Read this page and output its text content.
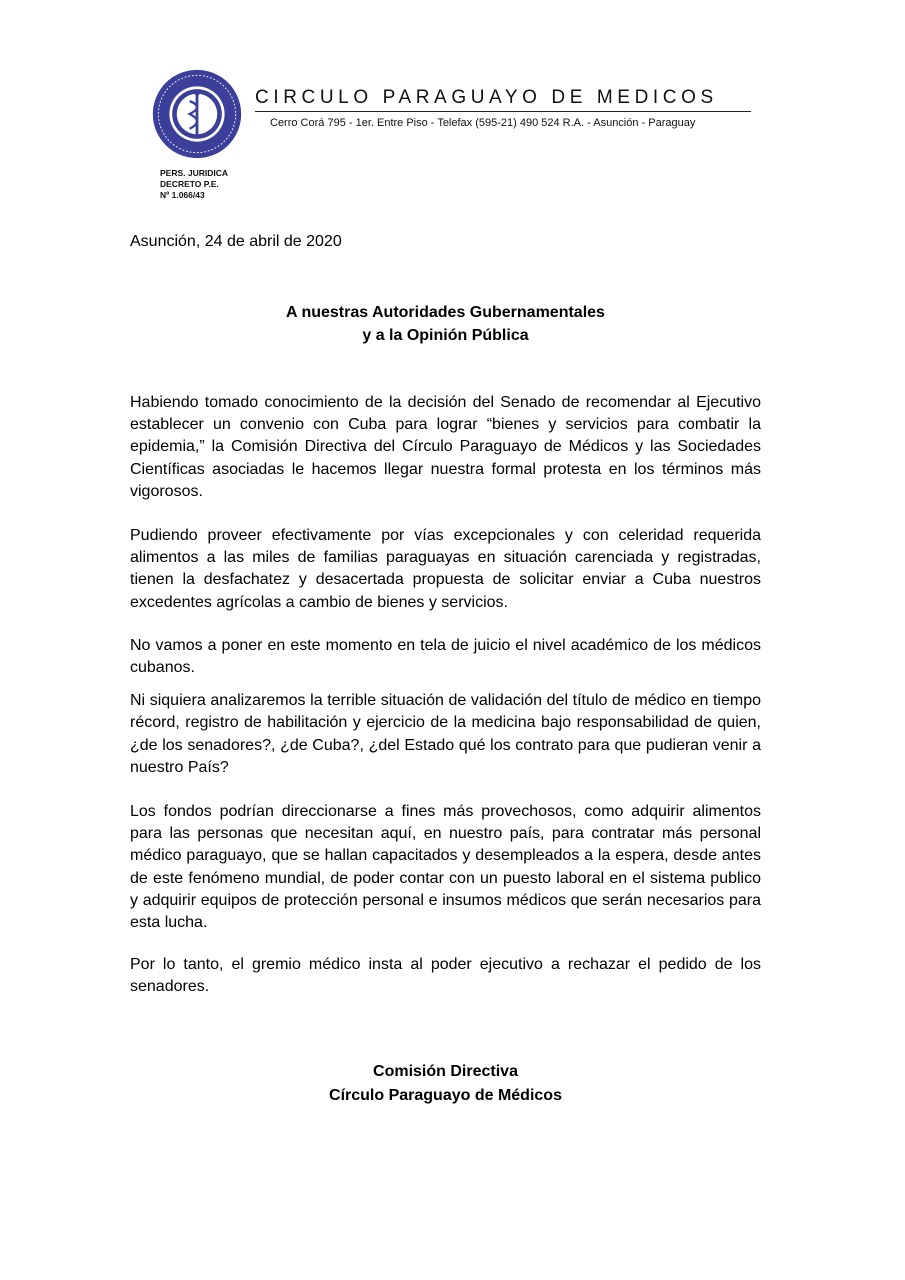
CIRCULO PARAGUAYO DE MEDICOS
Cerro Corá 795 - 1er. Entre Piso - Telefax (595-21) 490 524 R.A. - Asunción - Paraguay
PERS. JURIDICA
DECRETO P.E.
Nº 1.066/43
Asunción, 24 de abril de 2020
A nuestras Autoridades Gubernamentales
y a la Opinión Pública

Habiendo tomado conocimiento de la decisión del Senado de recomendar al Ejecutivo establecer un convenio con Cuba para lograr “bienes y servicios para combatir la epidemia,” la Comisión Directiva del Círculo Paraguayo de Médicos y las Sociedades Científicas asociadas le hacemos llegar nuestra formal protesta en los términos más vigorosos.

Pudiendo proveer efectivamente por vías excepcionales y con celeridad requerida alimentos a las miles de familias paraguayas en situación carenciada y registradas, tienen la desfachatez y desacertada propuesta de solicitar enviar a Cuba nuestros excedentes agrícolas a cambio de bienes y servicios.

No vamos a poner en este momento en tela de juicio el nivel académico de los médicos cubanos.

Ni siquiera analizaremos la terrible situación de validación del título de médico en tiempo récord, registro de habilitación y ejercicio de la medicina bajo responsabilidad de quien, ¿de los senadores?, ¿de Cuba?, ¿del Estado qué los contrato para que pudieran venir a nuestro País?

Los fondos podrían direccionarse a fines más provechosos, como adquirir alimentos para las personas que necesitan aquí, en nuestro país, para contratar más personal médico paraguayo, que se hallan capacitados y desempleados a la espera, desde antes de este fenómeno mundial, de poder contar con un puesto laboral en el sistema publico y adquirir equipos de protección personal e insumos médicos que serán necesarios para esta lucha.

Por lo tanto, el gremio médico insta al poder ejecutivo a rechazar el pedido de los senadores.

Comisión Directiva
Círculo Paraguayo de Médicos
